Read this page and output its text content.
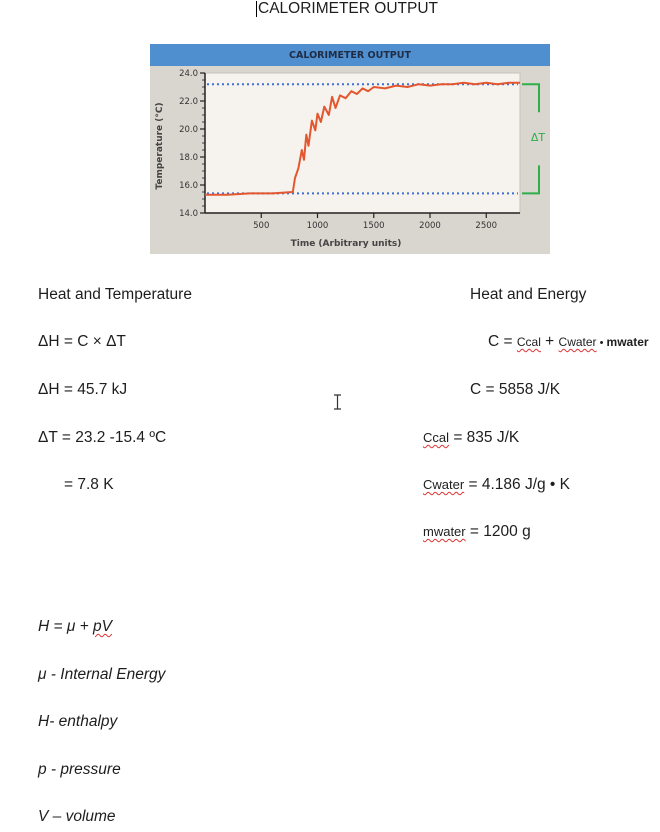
CALORIMETER OUTPUT
CALORIMETER OUTPUT
14.0
16.0
18.0
20.0
22.0
24.0
500	1000	1500	2000	2500
Time (Arbitrary units)
Temperature (°C)	ΔT
Heat and Temperature
ΔH = C × ΔT
ΔH = 45.7 kJ
ΔT = 23.2 -15.4 ºC
= 7.8 K
Heat and Energy
C = Ccal + Cwater • mwater
C = 5858 J/K
Ccal = 835 J/K
Cwater = 4.186 J/g • K
mwater = 1200 g
H = μ + pV
μ - Internal Energy
H- enthalpy
p - pressure
V – volume
